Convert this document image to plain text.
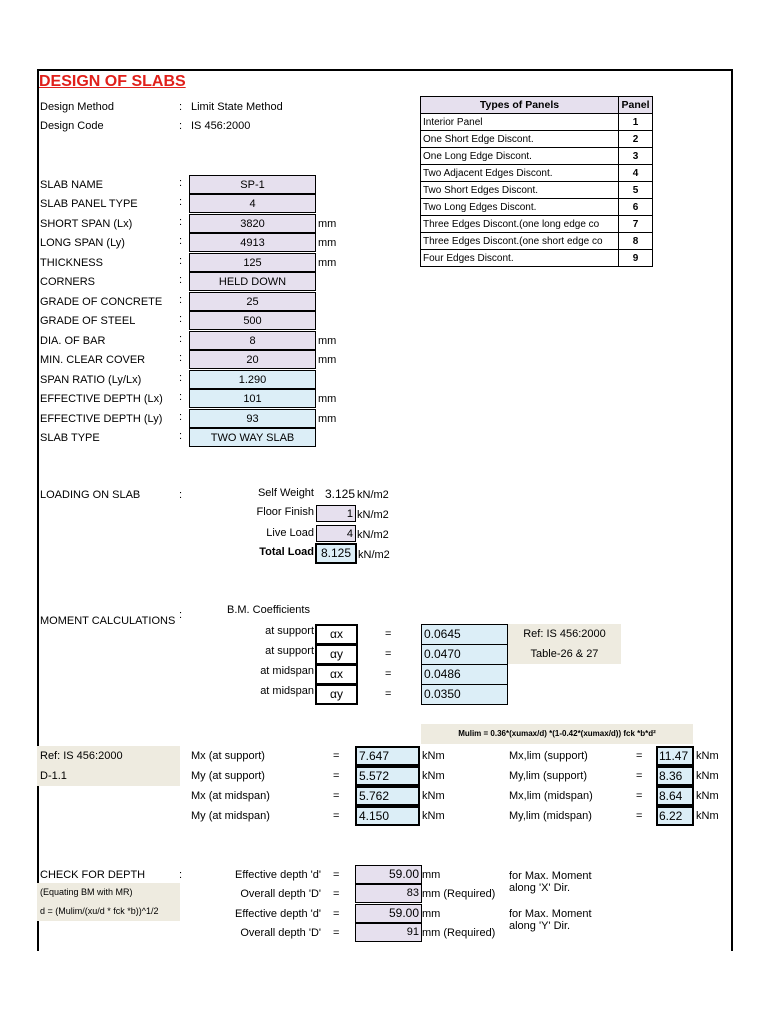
DESIGN OF SLABS
Design Method	: Limit State Method
Design Code	: IS 456:2000
SLAB NAME	:	SP-1
SLAB PANEL TYPE	:	4
SHORT SPAN (Lx)	:	3820	mm
LONG SPAN (Ly)	:	4913	mm
THICKNESS	:	125	mm
CORNERS	:	HELD DOWN
GRADE OF CONCRETE :	25
GRADE OF STEEL	:	500
DIA. OF BAR	:	8	mm
MIN. CLEAR COVER	:	20	mm
SPAN RATIO (Ly/Lx)	:	1.290
EFFECTIVE DEPTH (Lx) :	101	mm
EFFECTIVE DEPTH (Ly) :	93	mm
SLAB TYPE	:	TWO WAY SLAB
Types of Panels	Panel
Interior Panel	1
One Short Edge Discont.	2
One Long Edge Discont.	3
Two Adjacent Edges Discont.	4
Two Short Edges Discont.	5
Two Long Edges Discont.	6
Three Edges Discont.(one long edge co	7
Three Edges Discont.(one short edge co	8
Four Edges Discont.	9
LOADING ON SLAB	:	Self Weight 3.125 kN/m2
Floor Finish	1 kN/m2
Live Load	4 kN/m2
Total Load 8.125 kN/m2
MOMENT CALCULATIONS :	B.M. Coefficients
at support	αx	=	0.0645
at support	αy	=	0.0470
at midspan	αx	=	0.0486
at midspan	αy	=	0.0350
Ref: IS 456:2000
Table-26 & 27
Mulim = 0.36*(xumax/d) *(1-0.42*(xumax/d)) fck *b*d²
Ref: IS 456:2000
D-1.1
Mx (at support)	=	7.647	kNm	Mx,lim (support)	= 11.47 kNm
My (at support)	=	5.572	kNm	My,lim (support)	= 8.36	kNm
Mx (at midspan)	=	5.762	kNm	Mx,lim (midspan)	= 8.64	kNm
My (at midspan)	=	4.150	kNm	My,lim (midspan)	= 6.22	kNm
CHECK FOR DEPTH	:
(Equating BM with MR)
d = (Mulim/(xu/d * fck *b))^1/2
Effective depth 'd' =	59.00 mm
Overall depth 'D' =	83 mm (Required)
Effective depth 'd' =	59.00 mm
Overall depth 'D' =	91 mm (Required)
for Max. Moment
along 'X' Dir.
for Max. Moment
along 'Y' Dir.
